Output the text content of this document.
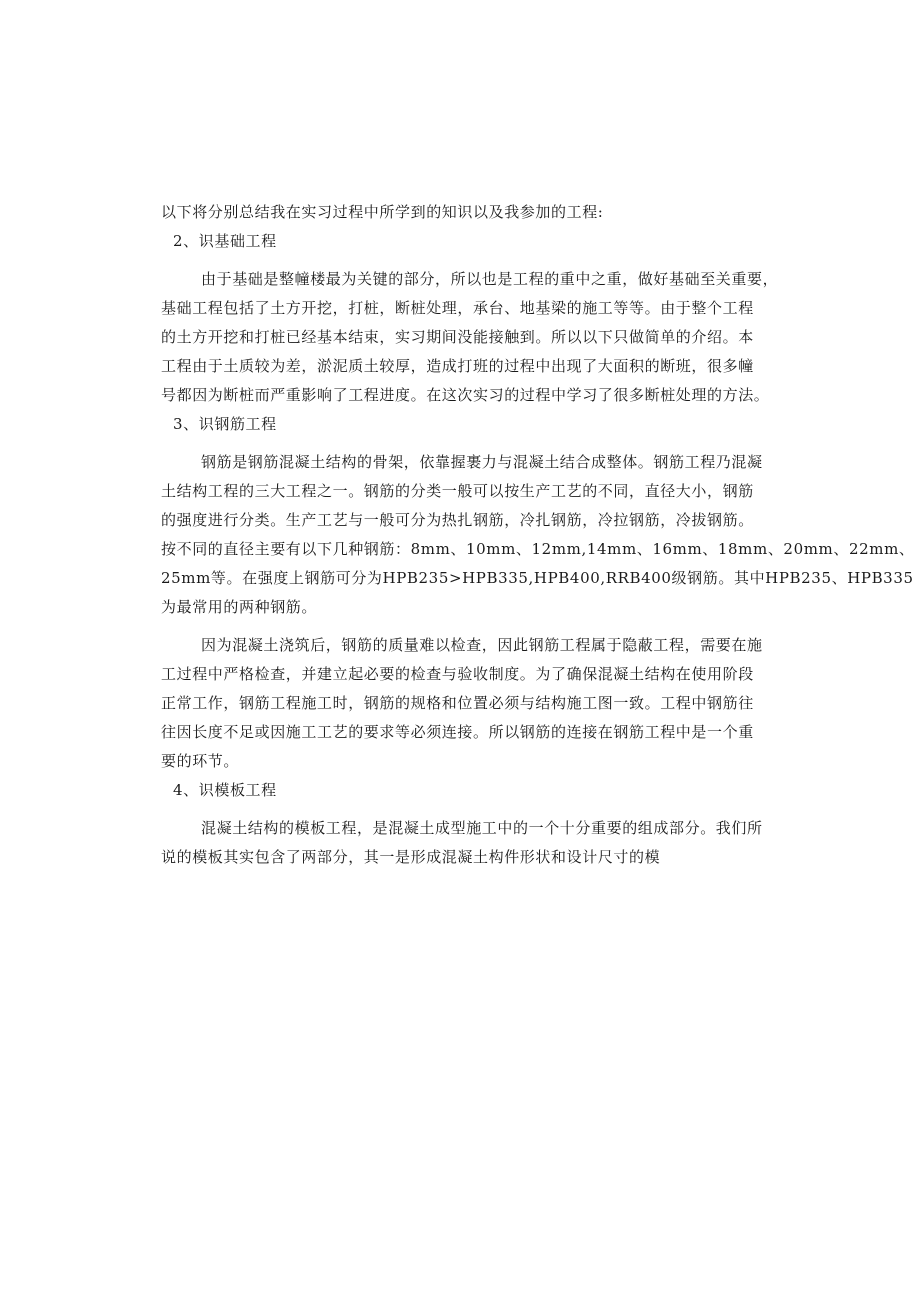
以下将分别总结我在实习过程中所学到的知识以及我参加的工程:
2、识基础工程
由于基础是整幢楼最为关键的部分，所以也是工程的重中之重，做好基础至关重要，
基础工程包括了土方开挖，打桩，断桩处理，承台、地基梁的施工等等。由于整个工程
的土方开挖和打桩已经基本结束，实习期间没能接触到。所以以下只做简单的介绍。本
工程由于土质较为差，淤泥质土较厚，造成打班的过程中出现了大面积的断班，很多幢
号都因为断桩而严重影响了工程进度。在这次实习的过程中学习了很多断桩处理的方法。
3、识钢筋工程
钢筋是钢筋混凝土结构的骨架，依靠握裹力与混凝土结合成整体。钢筋工程乃混凝
土结构工程的三大工程之一。钢筋的分类一般可以按生产工艺的不同，直径大小，钢筋
的强度进行分类。生产工艺与一般可分为热扎钢筋，冷扎钢筋，冷拉钢筋，冷拔钢筋。
按不同的直径主要有以下几种钢筋：8mm、10mm、12mm,14mm、16mm、18mm、20mm、22mm、
25mm等。在强度上钢筋可分为HPB235>HPB335,HPB400,RRB400级钢筋。其中HPB235、HPB335
为最常用的两种钢筋。
因为混凝土浇筑后，钢筋的质量难以检查，因此钢筋工程属于隐蔽工程，需要在施
工过程中严格检查，并建立起必要的检查与验收制度。为了确保混凝土结构在使用阶段
正常工作，钢筋工程施工时，钢筋的规格和位置必须与结构施工图一致。工程中钢筋往
往因长度不足或因施工工艺的要求等必须连接。所以钢筋的连接在钢筋工程中是一个重
要的环节。
4、识模板工程
混凝土结构的模板工程，是混凝土成型施工中的一个十分重要的组成部分。我们所
说的模板其实包含了两部分，其一是形成混凝土构件形状和设计尺寸的模
